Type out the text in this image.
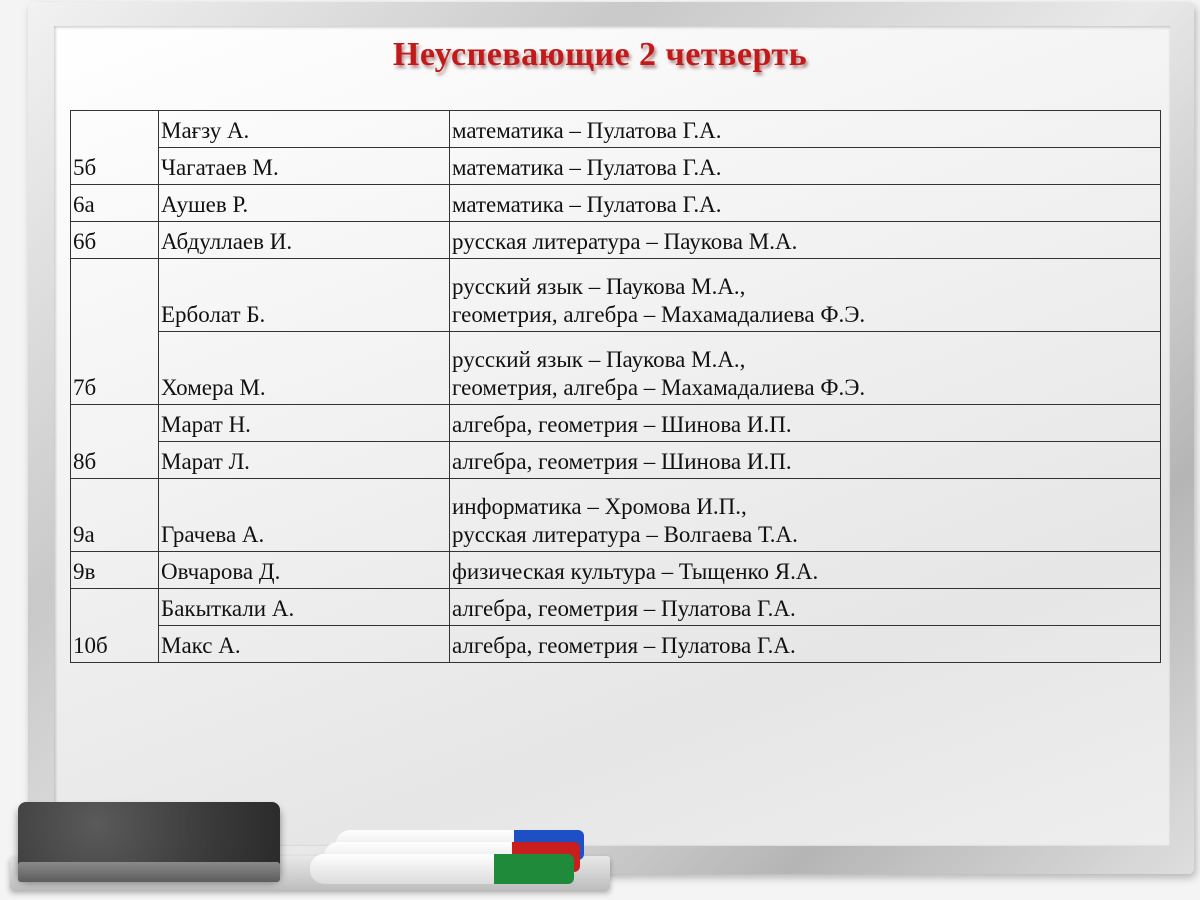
Неуспевающие 2 четверть
	Мағзу А.	математика – Пулатова Г.А.

5б	Чагатаев М.	математика – Пулатова Г.А.

6а	Аушев Р.	математика – Пулатова Г.А.

6б	Абдуллаев И.	русская литература – Паукова М.А.

	Ерболат Б.	русский язык – Паукова М.А.,
геометрия, алгебра – Махамадалиева Ф.Э.

7б	Хомера М.	русский язык – Паукова М.А.,
геометрия, алгебра – Махамадалиева Ф.Э.

	Марат Н.	алгебра, геометрия – Шинова И.П.

8б	Марат Л.	алгебра, геометрия – Шинова И.П.

9а	Грачева А.	информатика – Хромова И.П.,
русская литература – Волгаева Т.А.

9в	Овчарова Д.	физическая культура – Тыщенко Я.А.

	Бакыткали А.	алгебра, геометрия – Пулатова Г.А.

10б	Макс А.	алгебра, геометрия – Пулатова Г.А.
